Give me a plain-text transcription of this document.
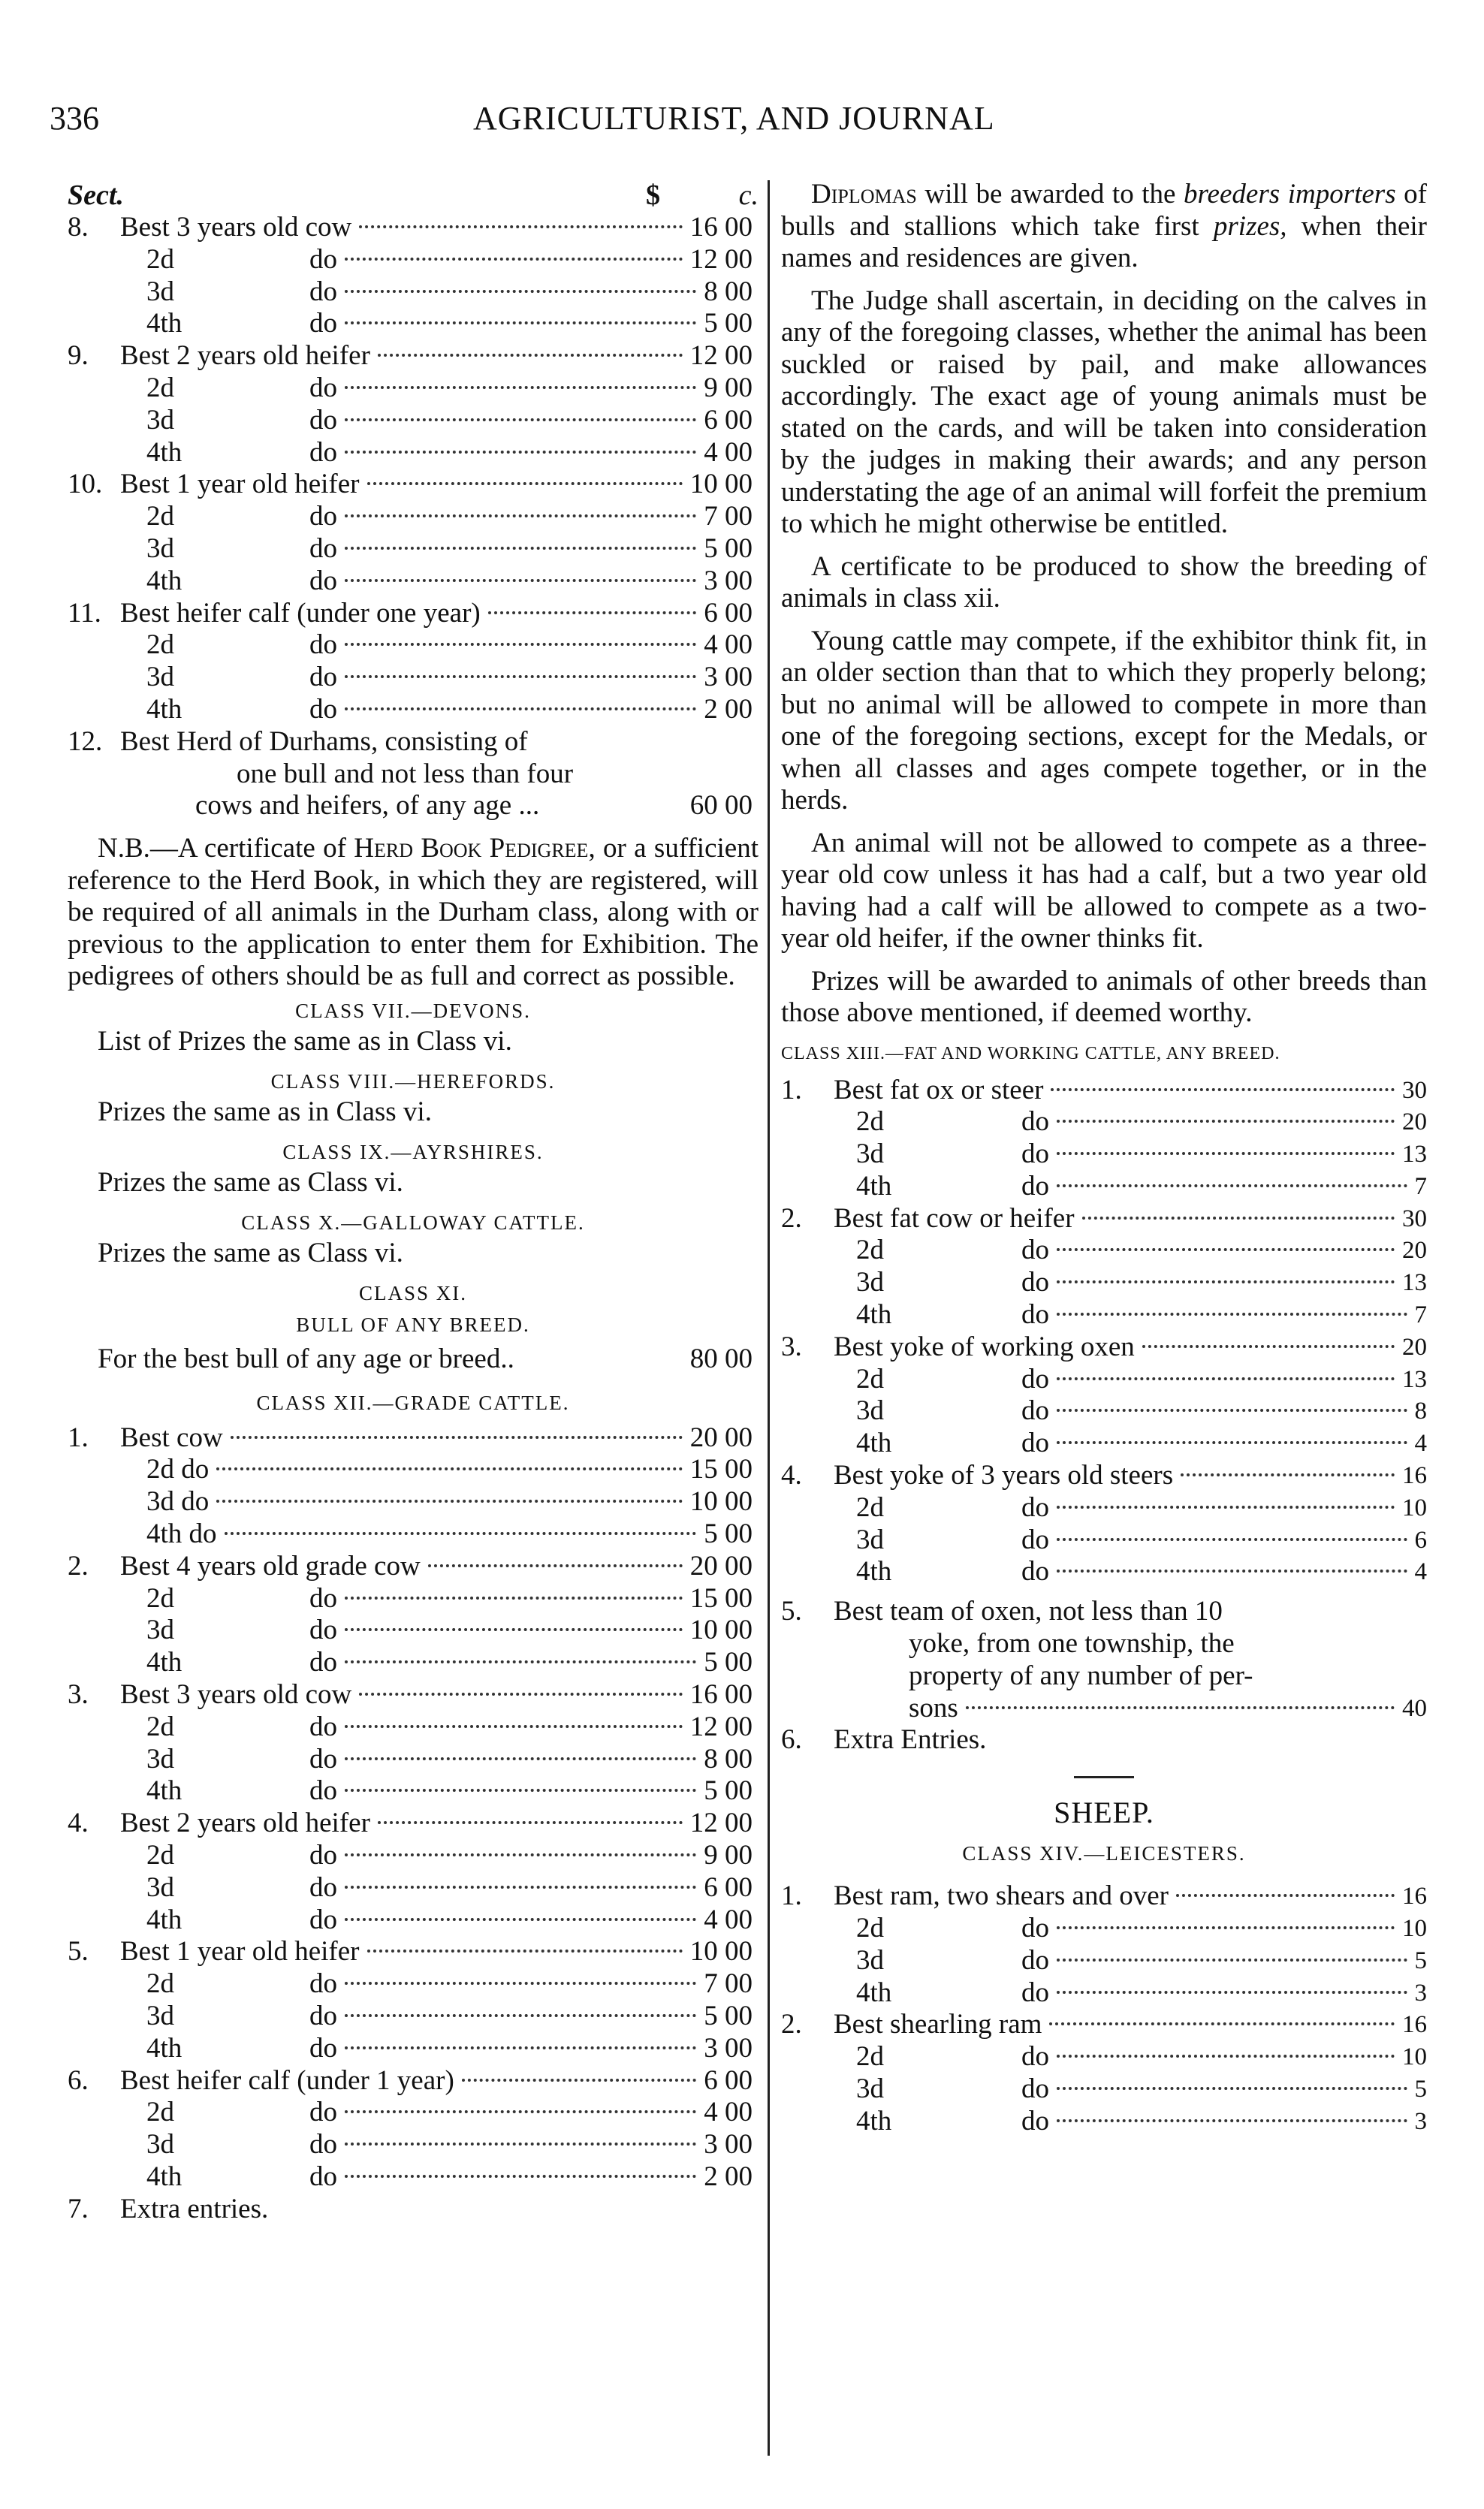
336	AGRICULTURIST, AND JOURNAL
Sect.	$	c.
8. Best 3 years old cow	16 00
2d	do	12 00
3d	do	8 00
4th	do	5 00
9. Best 2 years old heifer	12 00
2d	do	9 00
3d	do	6 00
4th	do	4 00
10. Best 1 year old heifer	10 00
2d	do	7 00
3d	do	5 00
4th	do	3 00
11. Best heifer calf (under one year)	6 00
2d	do	4 00
3d	do	3 00
4th	do	2 00
12. Best Herd of Durhams, consisting of
one bull and not less than four
cows and heifers, of any age ...	60 00

N.B.—A certificate of Herd Book Pedigree, or a sufficient reference to the Herd Book, in which they are registered, will be required of all animals in the Durham class, along with or previous to the application to enter them for Exhibition. The pedigrees of others should be as full and correct as possible.

CLASS VII.—DEVONS.
List of Prizes the same as in Class vi.
CLASS VIII.—HEREFORDS.
Prizes the same as in Class vi.
CLASS IX.—AYRSHIRES.
Prizes the same as Class vi.
CLASS X.—GALLOWAY CATTLE.
Prizes the same as Class vi.
CLASS XI.
BULL OF ANY BREED.
For the best bull of any age or breed..	80 00
CLASS XII.—GRADE CATTLE.
1. Best cow	20 00
2d do	15 00
3d do	10 00
4th do	5 00
2. Best 4 years old grade cow	20 00
2d	do	15 00
3d	do	10 00
4th	do	5 00
3. Best 3 years old cow	16 00
2d	do	12 00
3d	do	8 00
4th	do	5 00
4. Best 2 years old heifer	12 00
2d	do	9 00
3d	do	6 00
4th	do	4 00
5. Best 1 year old heifer	10 00
2d	do	7 00
3d	do	5 00
4th	do	3 00
6. Best heifer calf (under 1 year)	6 00
2d	do	4 00
3d	do	3 00
4th	do	2 00
7. Extra entries.

Diplomas will be awarded to the breeders importers of bulls and stallions which take first prizes, when their names and residences are given.

The Judge shall ascertain, in deciding on the calves in any of the foregoing classes, whether the animal has been suckled or raised by pail, and make allowances accordingly. The exact age of young animals must be stated on the cards, and will be taken into consideration by the judges in making their awards; and any person understating the age of an animal will forfeit the premium to which he might otherwise be entitled.

A certificate to be produced to show the breeding of animals in class xii.

Young cattle may compete, if the exhibitor think fit, in an older section than that to which they properly belong; but no animal will be allowed to compete in more than one of the foregoing sections, except for the Medals, or when all classes and ages compete together, or in the herds.

An animal will not be allowed to compete as a three-year old cow unless it has had a calf, but a two year old having had a calf will be allowed to compete as a two-year old heifer, if the owner thinks fit.

Prizes will be awarded to animals of other breeds than those above mentioned, if deemed worthy.

CLASS XIII.—FAT AND WORKING CATTLE, ANY BREED.
1. Best fat ox or steer	30
2d	do	20
3d	do	13
4th	do	7
2. Best fat cow or heifer	30
2d	do	20
3d	do	13
4th	do	7
3. Best yoke of working oxen	20
2d	do	13
3d	do	8
4th	do	4
4. Best yoke of 3 years old steers	16
2d	do	10
3d	do	6
4th	do	4
5. Best team of oxen, not less than 10
yoke, from one township, the
property of any number of per-
sons	40
6. Extra Entries.
SHEEP.
CLASS XIV.—LEICESTERS.
1. Best ram, two shears and over	16
2d	do	10
3d	do	5
4th	do	3
2. Best shearling ram	16
2d	do	10
3d	do	5
4th	do	3
